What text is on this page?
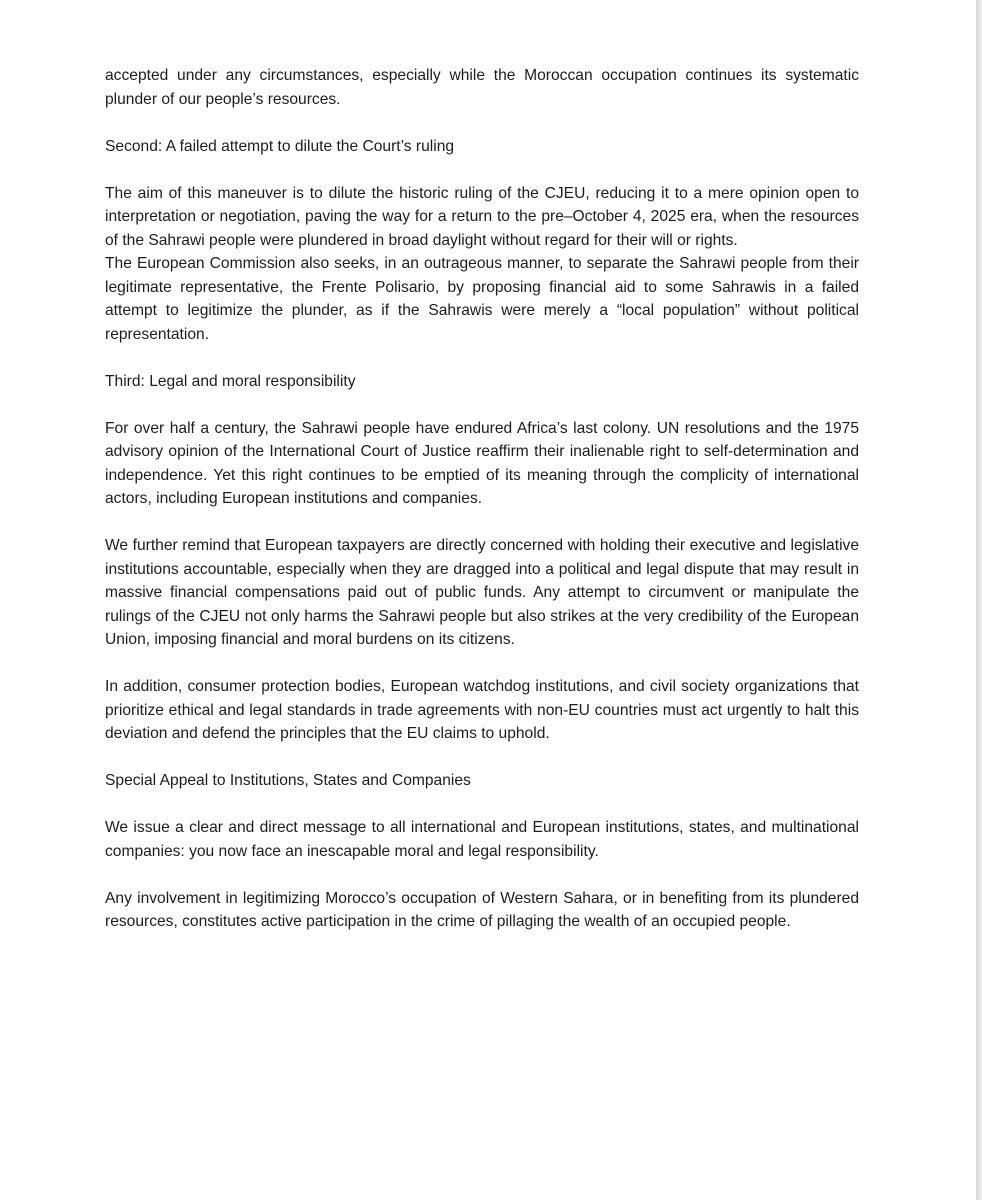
accepted under any circumstances, especially while the Moroccan occupation continues its systematic plunder of our people’s resources.

Second: A failed attempt to dilute the Court’s ruling

The aim of this maneuver is to dilute the historic ruling of the CJEU, reducing it to a mere opinion open to interpretation or negotiation, paving the way for a return to the pre–October 4, 2025 era, when the resources of the Sahrawi people were plundered in broad daylight without regard for their will or rights.

The European Commission also seeks, in an outrageous manner, to separate the Sahrawi people from their legitimate representative, the Frente Polisario, by proposing financial aid to some Sahrawis in a failed attempt to legitimize the plunder, as if the Sahrawis were merely a “local population” without political representation.

Third: Legal and moral responsibility

For over half a century, the Sahrawi people have endured Africa’s last colony. UN resolutions and the 1975 advisory opinion of the International Court of Justice reaffirm their inalienable right to self-determination and independence. Yet this right continues to be emptied of its meaning through the complicity of international actors, including European institutions and companies.

We further remind that European taxpayers are directly concerned with holding their executive and legislative institutions accountable, especially when they are dragged into a political and legal dispute that may result in massive financial compensations paid out of public funds. Any attempt to circumvent or manipulate the rulings of the CJEU not only harms the Sahrawi people but also strikes at the very credibility of the European Union, imposing financial and moral burdens on its citizens.

In addition, consumer protection bodies, European watchdog institutions, and civil society organizations that prioritize ethical and legal standards in trade agreements with non-EU countries must act urgently to halt this deviation and defend the principles that the EU claims to uphold.

Special Appeal to Institutions, States and Companies

We issue a clear and direct message to all international and European institutions, states, and multinational companies: you now face an inescapable moral and legal responsibility.

Any involvement in legitimizing Morocco’s occupation of Western Sahara, or in benefiting from its plundered resources, constitutes active participation in the crime of pillaging the wealth of an occupied people.
